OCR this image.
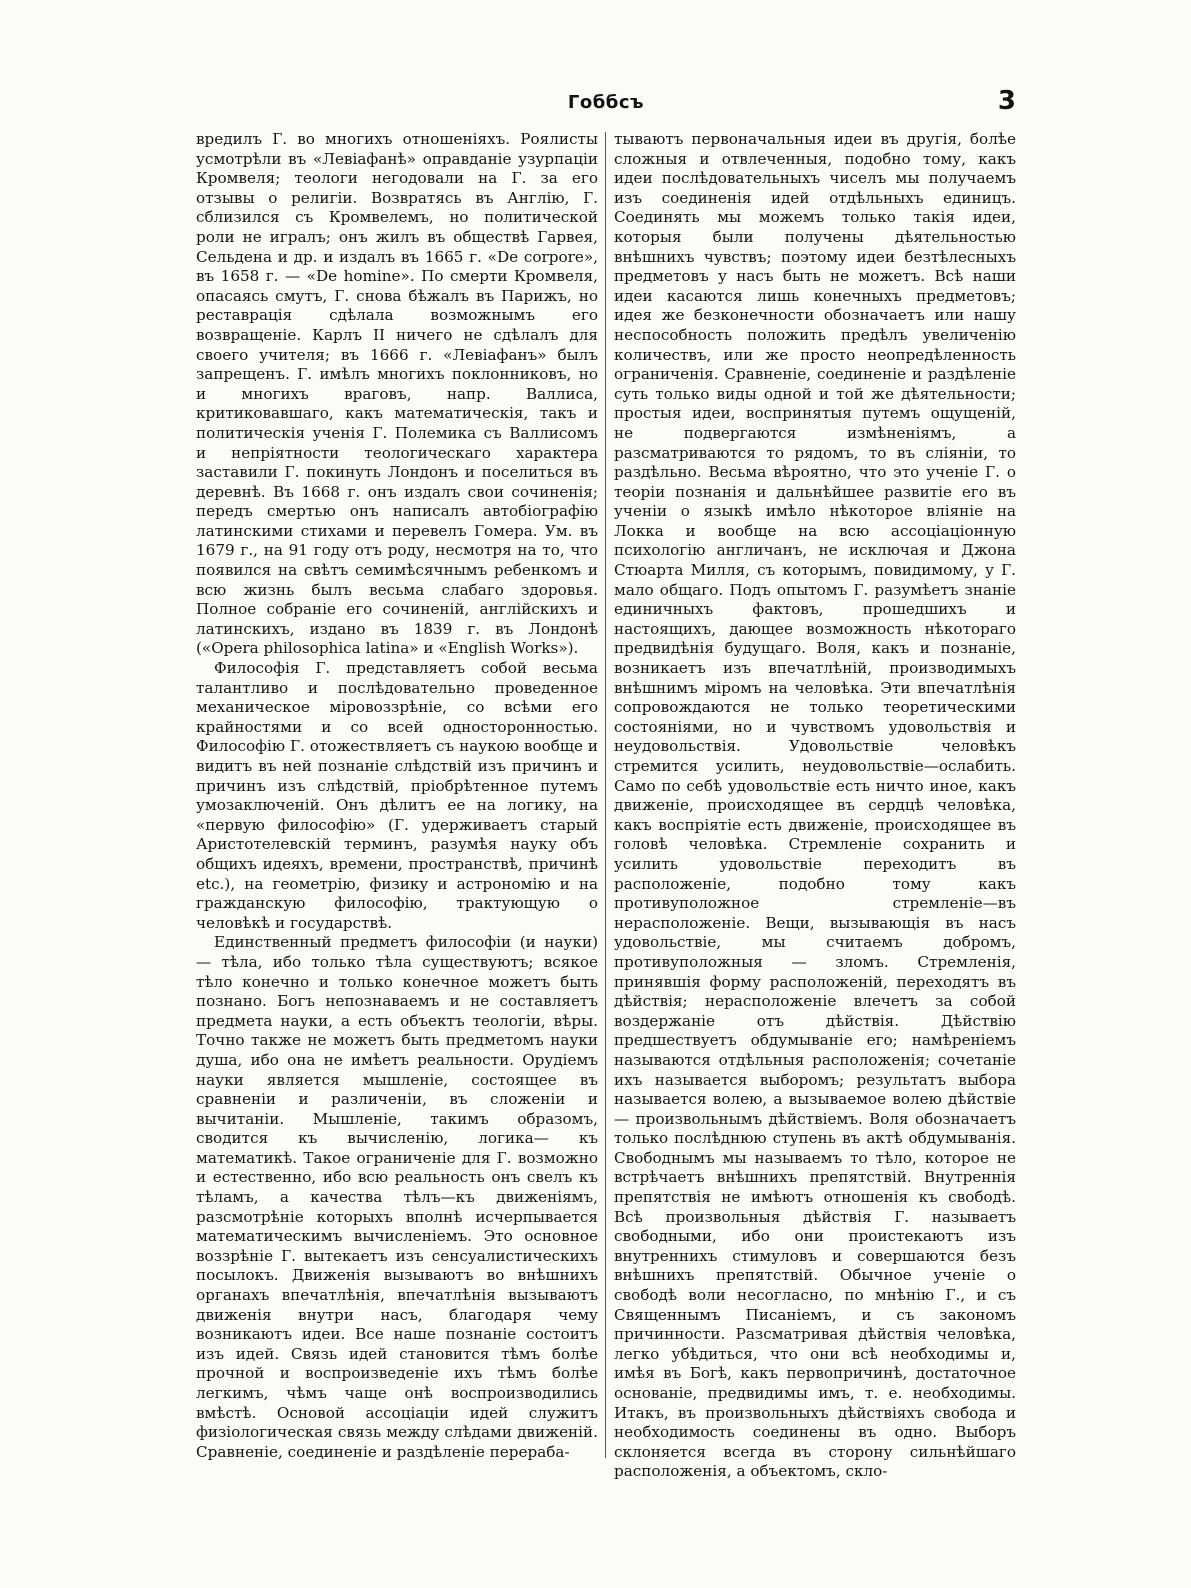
Гоббсъ	3

вредилъ Г. во многихъ отношеніяхъ. Роялисты усмотрѣли въ «Левіафанѣ» оправданіе узурпаціи Кромвеля; теологи негодовали на Г. за его отзывы о религіи. Возвратясь въ Англію, Г. сблизился съ Кромвелемъ, но политической роли не игралъ; онъ жилъ въ обществѣ Гарвея, Сельдена и др. и издалъ въ 1665 г. «De corpore», въ 1658 г. — «De homine». По смерти Кромвеля, опасаясь смутъ, Г. снова бѣжалъ въ Парижъ, но реставрація сдѣлала возможнымъ его возвращеніе. Карлъ II ничего не сдѣлалъ для своего учителя; въ 1666 г. «Левіафанъ» былъ запрещенъ. Г. имѣлъ многихъ поклонниковъ, но и многихъ враговъ, напр. Валлиса, критиковавшаго, какъ математическія, такъ и политическія ученія Г. Полемика съ Валлисомъ и непріятности теологическаго характера заставили Г. покинуть Лондонъ и поселиться въ деревнѣ. Въ 1668 г. онъ издалъ свои сочиненія; передъ смертью онъ написалъ автобіографію латинскими стихами и перевелъ Гомера. Ум. въ 1679 г., на 91 году отъ роду, несмотря на то, что появился на свѣтъ семимѣсячнымъ ребенкомъ и всю жизнь былъ весьма слабаго здоровья. Полное собраніе его сочиненій, англійскихъ и латинскихъ, издано въ 1839 г. въ Лондонѣ («Opera philosophica latina» и «English Works»).

Философія Г. представляетъ собой весьма талантливо и послѣдовательно проведенное механическое міровоззрѣніе, со всѣми его крайностями и со всей односторонностью. Философію Г. отожествляетъ съ наукою вообще и видитъ въ ней познаніе слѣдствій изъ причинъ и причинъ изъ слѣдствій, пріобрѣтенное путемъ умозаключеній. Онъ дѣлитъ ее на логику, на «первую философію» (Г. удерживаетъ старый Аристотелевскій терминъ, разумѣя науку объ общихъ идеяхъ, времени, пространствѣ, причинѣ etc.), на геометрію, физику и астрономію и на гражданскую философію, трактующую о человѣкѣ и государствѣ.

Единственный предметъ философіи (и науки) — тѣла, ибо только тѣла существуютъ; всякое тѣло конечно и только конечное можетъ быть познано. Богъ непознаваемъ и не составляетъ предмета науки, а есть объектъ теологіи, вѣры. Точно также не можетъ быть предметомъ науки душа, ибо она не имѣетъ реальности. Орудіемъ науки является мышленіе, состоящее въ сравненіи и различеніи, въ сложеніи и вычитаніи. Мышленіе, такимъ образомъ, сводится къ вычисленію, логика— къ математикѣ. Такое ограниченіе для Г. возможно и естественно, ибо всю реальность онъ свелъ къ тѣламъ, а качества тѣлъ—къ движеніямъ, разсмотрѣніе которыхъ вполнѣ исчерпывается математическимъ вычисленіемъ. Это основное воззрѣніе Г. вытекаетъ изъ сенсуалистическихъ посылокъ. Движенія вызываютъ во внѣшнихъ органахъ впечатлѣнія, впечатлѣнія вызываютъ движенія внутри насъ, благодаря чему возникаютъ идеи. Все наше познаніе состоитъ изъ идей. Связь идей становится тѣмъ болѣе прочной и воспроизведеніе ихъ тѣмъ болѣе легкимъ, чѣмъ чаще онѣ воспроизводились вмѣстѣ. Основой ассоціаціи идей служитъ физіологическая связь между слѣдами движеній. Сравненіе, соединеніе и раздѣленіе перераба-

тываютъ первоначальныя идеи въ другія, болѣе сложныя и отвлеченныя, подобно тому, какъ идеи послѣдовательныхъ чиселъ мы получаемъ изъ соединенія идей отдѣльныхъ единицъ. Соединять мы можемъ только такія идеи, которыя были получены дѣятельностью внѣшнихъ чувствъ; поэтому идеи безтѣлесныхъ предметовъ у насъ быть не можетъ. Всѣ наши идеи касаются лишь конечныхъ предметовъ; идея же безконечности обозначаетъ или нашу неспособность положить предѣлъ увеличенію количествъ, или же просто неопредѣленность ограниченія. Сравненіе, соединеніе и раздѣленіе суть только виды одной и той же дѣятельности; простыя идеи, воспринятыя путемъ ощущеній, не подвергаются измѣненіямъ, а разсматриваются то рядомъ, то въ сліяніи, то раздѣльно. Весьма вѣроятно, что это ученіе Г. о теоріи познанія и дальнѣйшее развитіе его въ ученіи о языкѣ имѣло нѣкоторое вліяніе на Локка и вообще на всю ассоціаціонную психологію англичанъ, не исключая и Джона Стюарта Милля, съ которымъ, повидимому, у Г. мало общаго. Подъ опытомъ Г. разумѣетъ знаніе единичныхъ фактовъ, прошедшихъ и настоящихъ, дающее возможность нѣкотораго предвидѣнія будущаго. Воля, какъ и познаніе, возникаетъ изъ впечатлѣній, производимыхъ внѣшнимъ міромъ на человѣка. Эти впечатлѣнія сопровождаются не только теоретическими состояніями, но и чувствомъ удовольствія и неудовольствія. Удовольствіе человѣкъ стремится усилить, неудовольствіе—ослабить. Само по себѣ удовольствіе есть ничто иное, какъ движеніе, происходящее въ сердцѣ человѣка, какъ воспріятіе есть движеніе, происходящее въ головѣ человѣка. Стремленіе сохранить и усилить удовольствіе переходитъ въ расположеніе, подобно тому какъ противуположное стремленіе—въ нерасположеніе. Вещи, вызывающія въ насъ удовольствіе, мы считаемъ добромъ, противуположныя — зломъ. Стремленія, принявшія форму расположеній, переходятъ въ дѣйствія; нерасположеніе влечетъ за собой воздержаніе отъ дѣйствія. Дѣйствію предшествуетъ обдумываніе его; намѣреніемъ называются отдѣльныя расположенія; сочетаніе ихъ называется выборомъ; результатъ выбора называется волею, а вызываемое волею дѣйствіе — произвольнымъ дѣйствіемъ. Воля обозначаетъ только послѣднюю ступень въ актѣ обдумыванія. Свободнымъ мы называемъ то тѣло, которое не встрѣчаетъ внѣшнихъ препятствій. Внутреннія препятствія не имѣютъ отношенія къ свободѣ. Всѣ произвольныя дѣйствія Г. называетъ свободными, ибо они проистекаютъ изъ внутреннихъ стимуловъ и совершаются безъ внѣшнихъ препятствій. Обычное ученіе о свободѣ воли несогласно, по мнѣнію Г., и съ Священнымъ Писаніемъ, и съ закономъ причинности. Разсматривая дѣйствія человѣка, легко убѣдиться, что они всѣ необходимы и, имѣя въ Богѣ, какъ первопричинѣ, достаточное основаніе, предвидимы имъ, т. е. необходимы. Итакъ, въ произвольныхъ дѣйствіяхъ свобода и необходимость соединены въ одно. Выборъ склоняется всегда въ сторону сильнѣйшаго расположенія, а объектомъ, скло-
